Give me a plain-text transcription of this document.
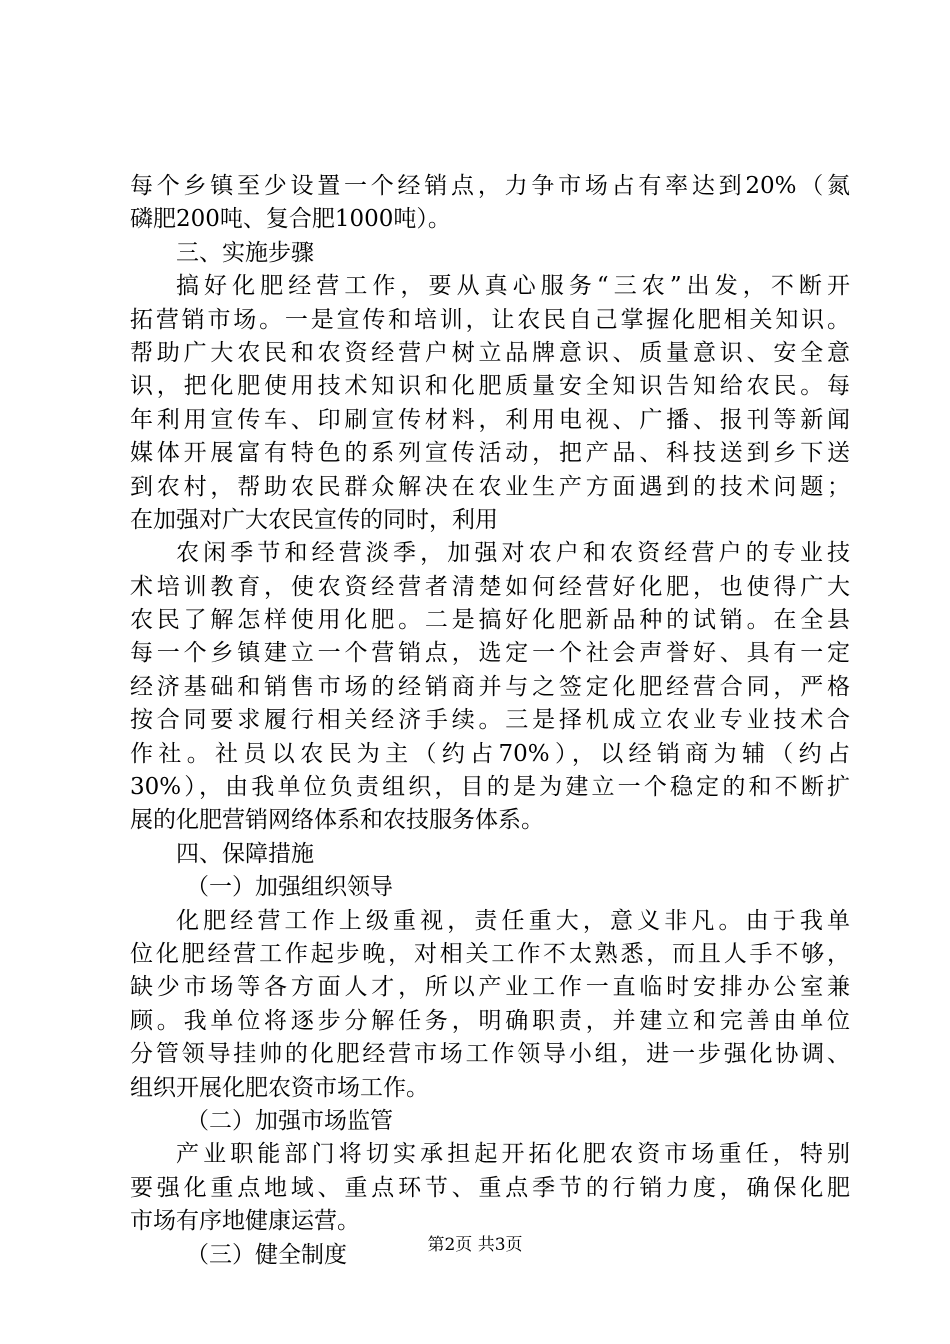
每个乡镇至少设置一个经销点，力争市场占有率达到20%（氮
磷肥200吨、复合肥1000吨）。
三、实施步骤
搞好化肥经营工作，要从真心服务“三农”出发，不断开
拓营销市场。一是宣传和培训，让农民自己掌握化肥相关知识。
帮助广大农民和农资经营户树立品牌意识、质量意识、安全意
识，把化肥使用技术知识和化肥质量安全知识告知给农民。每
年利用宣传车、印刷宣传材料，利用电视、广播、报刊等新闻
媒体开展富有特色的系列宣传活动，把产品、科技送到乡下送
到农村，帮助农民群众解决在农业生产方面遇到的技术问题；
在加强对广大农民宣传的同时，利用
农闲季节和经营淡季，加强对农户和农资经营户的专业技
术培训教育，使农资经营者清楚如何经营好化肥，也使得广大
农民了解怎样使用化肥。二是搞好化肥新品种的试销。在全县
每一个乡镇建立一个营销点，选定一个社会声誉好、具有一定
经济基础和销售市场的经销商并与之签定化肥经营合同，严格
按合同要求履行相关经济手续。三是择机成立农业专业技术合
作社。社员以农民为主（约占70%），以经销商为辅（约占
30%），由我单位负责组织，目的是为建立一个稳定的和不断扩
展的化肥营销网络体系和农技服务体系。
四、保障措施
（一）加强组织领导
化肥经营工作上级重视，责任重大，意义非凡。由于我单
位化肥经营工作起步晚，对相关工作不太熟悉，而且人手不够，
缺少市场等各方面人才，所以产业工作一直临时安排办公室兼
顾。我单位将逐步分解任务，明确职责，并建立和完善由单位
分管领导挂帅的化肥经营市场工作领导小组，进一步强化协调、
组织开展化肥农资市场工作。
（二）加强市场监管
产业职能部门将切实承担起开拓化肥农资市场重任，特别
要强化重点地域、重点环节、重点季节的行销力度，确保化肥
市场有序地健康运营。
（三）健全制度	第2页 共3页
